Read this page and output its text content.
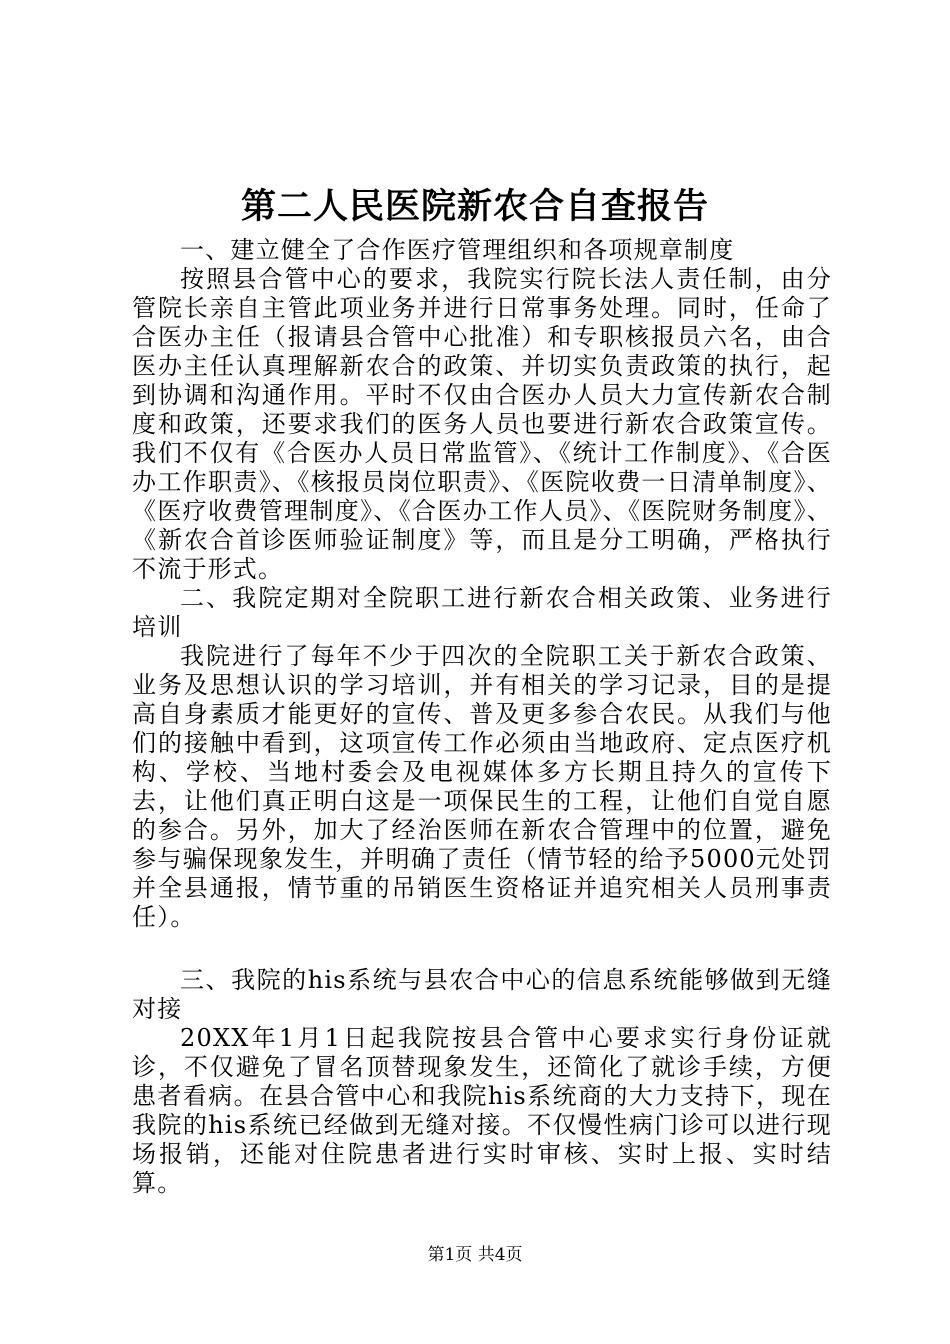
第二人民医院新农合自查报告

一、建立健全了合作医疗管理组织和各项规章制度

按照县合管中心的要求，我院实行院长法人责任制，由分管院长亲自主管此项业务并进行日常事务处理。同时，任命了合医办主任（报请县合管中心批准）和专职核报员六名，由合医办主任认真理解新农合的政策、并切实负责政策的执行，起到协调和沟通作用。平时不仅由合医办人员大力宣传新农合制度和政策，还要求我们的医务人员也要进行新农合政策宣传。我们不仅有《合医办人员日常监管》、《统计工作制度》、《合医办工作职责》、《核报员岗位职责》、《医院收费一日清单制度》、《医疗收费管理制度》、《合医办工作人员》、《医院财务制度》、《新农合首诊医师验证制度》等，而且是分工明确，严格执行不流于形式。

二、我院定期对全院职工进行新农合相关政策、业务进行培训

我院进行了每年不少于四次的全院职工关于新农合政策、业务及思想认识的学习培训，并有相关的学习记录，目的是提高自身素质才能更好的宣传、普及更多参合农民。从我们与他们的接触中看到，这项宣传工作必须由当地政府、定点医疗机构、学校、当地村委会及电视媒体多方长期且持久的宣传下去，让他们真正明白这是一项保民生的工程，让他们自觉自愿的参合。另外，加大了经治医师在新农合管理中的位置，避免参与骗保现象发生，并明确了责任（情节轻的给予5000元处罚并全县通报，情节重的吊销医生资格证并追究相关人员刑事责任）。

三、我院的his系统与县农合中心的信息系统能够做到无缝对接

20XX年1月1日起我院按县合管中心要求实行身份证就诊，不仅避免了冒名顶替现象发生，还简化了就诊手续，方便患者看病。在县合管中心和我院his系统商的大力支持下，现在我院的his系统已经做到无缝对接。不仅慢性病门诊可以进行现场报销，还能对住院患者进行实时审核、实时上报、实时结算。

第1页 共4页
